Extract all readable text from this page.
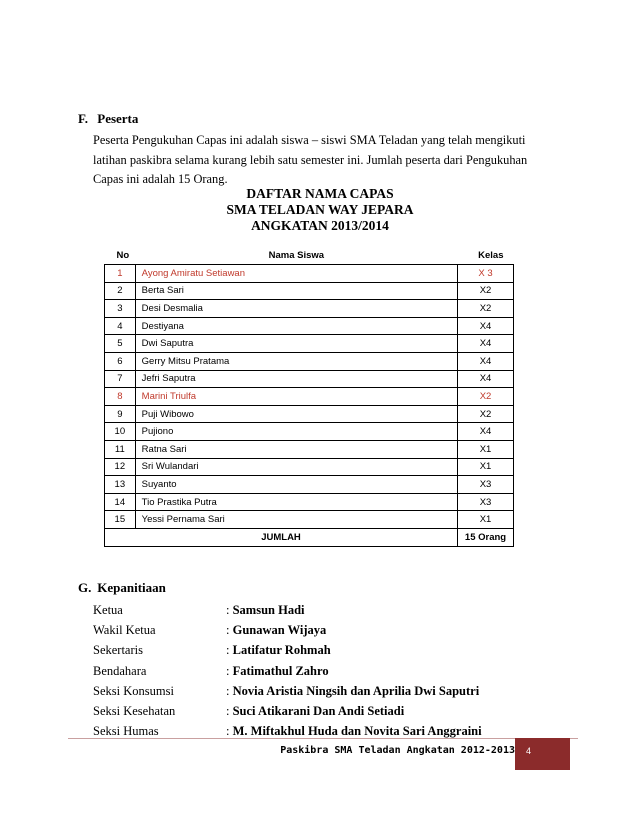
F. Peserta
Peserta Pengukuhan Capas ini adalah siswa – siswi SMA Teladan yang telah mengikuti
latihan paskibra selama kurang lebih satu semester ini. Jumlah peserta dari Pengukuhan
Capas ini adalah 15 Orang.
DAFTAR NAMA CAPAS
SMA TELADAN WAY JEPARA
ANGKATAN 2013/2014
No	Nama Siswa	Kelas
1	Ayong Amiratu Setiawan	X 3
2	Berta Sari	X2
3	Desi Desmalia	X2
4	Destiyana	X4
5	Dwi Saputra	X4
6	Gerry Mitsu Pratama	X4
7	Jefri Saputra	X4
8	Marini Triulfa	X2
9	Puji Wibowo	X2
10	Pujiono	X4
11	Ratna Sari	X1
12	Sri Wulandari	X1
13	Suyanto	X3
14	Tio Prastika Putra	X3
15	Yessi Pernama Sari	X1
JUMLAH		15 Orang
G. Kepanitiaan
Ketua	: Samsun Hadi
Wakil Ketua	: Gunawan Wijaya
Sekertaris	: Latifatur Rohmah
Bendahara	: Fatimathul Zahro
Seksi Konsumsi	: Novia Aristia Ningsih dan Aprilia Dwi Saputri
Seksi Kesehatan	: Suci Atikarani Dan Andi Setiadi
Seksi Humas	: M. Miftakhul Huda dan Novita Sari Anggraini
Paskibra SMA Teladan Angkatan 2012-2013 4
